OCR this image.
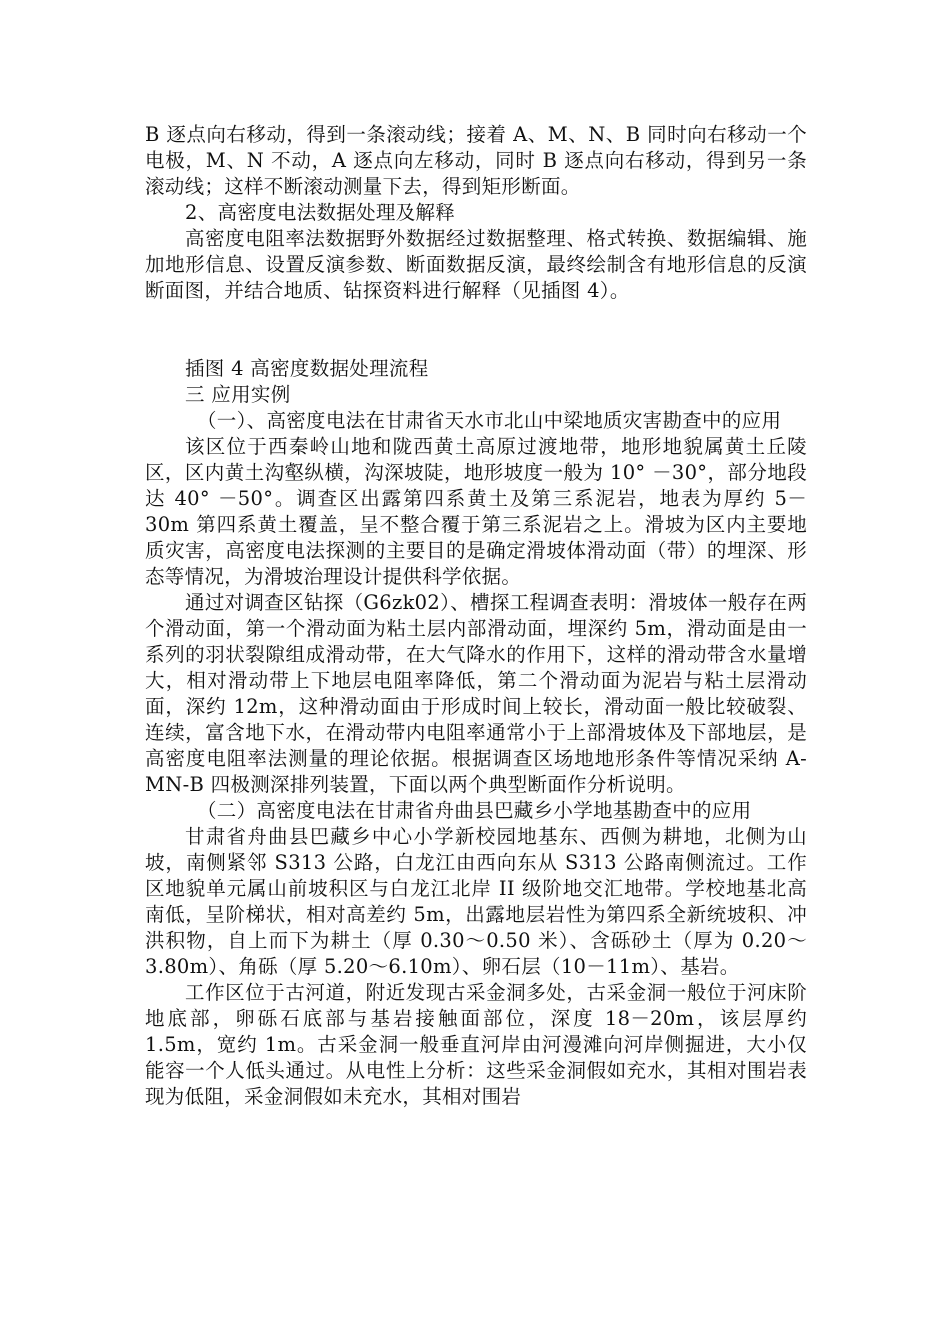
B 逐点向右移动，得到一条滚动线；接着 A、M、N、B 同时向右移动一个电极，M、N 不动，A 逐点向左移动，同时 B 逐点向右移动，得到另一条滚动线；这样不断滚动测量下去，得到矩形断面。

2、高密度电法数据处理及解释

高密度电阻率法数据野外数据经过数据整理、格式转换、数据编辑、施加地形信息、设置反演参数、断面数据反演，最终绘制含有地形信息的反演断面图，并结合地质、钻探资料进行解释（见插图 4）。

插图 4 高密度数据处理流程

三 应用实例

（一）、高密度电法在甘肃省天水市北山中梁地质灾害勘查中的应用

该区位于西秦岭山地和陇西黄土高原过渡地带，地形地貌属黄土丘陵区，区内黄土沟壑纵横，沟深坡陡，地形坡度一般为 10° －30°，部分地段达 40° －50°。调查区出露第四系黄土及第三系泥岩，地表为厚约 5－30m 第四系黄土覆盖，呈不整合覆于第三系泥岩之上。滑坡为区内主要地质灾害，高密度电法探测的主要目的是确定滑坡体滑动面（带）的埋深、形态等情况，为滑坡治理设计提供科学依据。

通过对调查区钻探（G6zk02）、槽探工程调查表明：滑坡体一般存在两个滑动面，第一个滑动面为粘土层内部滑动面，埋深约 5m，滑动面是由一系列的羽状裂隙组成滑动带，在大气降水的作用下，这样的滑动带含水量增大，相对滑动带上下地层电阻率降低，第二个滑动面为泥岩与粘土层滑动面，深约 12m，这种滑动面由于形成时间上较长，滑动面一般比较破裂、连续，富含地下水，在滑动带内电阻率通常小于上部滑坡体及下部地层，是高密度电阻率法测量的理论依据。根据调查区场地地形条件等情况采纳 A-MN-B 四极测深排列装置，下面以两个典型断面作分析说明。

（二）高密度电法在甘肃省舟曲县巴藏乡小学地基勘查中的应用

甘肃省舟曲县巴藏乡中心小学新校园地基东、西侧为耕地，北侧为山坡，南侧紧邻 S313 公路，白龙江由西向东从 S313 公路南侧流过。工作区地貌单元属山前坡积区与白龙江北岸 II 级阶地交汇地带。学校地基北高南低，呈阶梯状，相对高差约 5m，出露地层岩性为第四系全新统坡积、冲洪积物，自上而下为耕土（厚 0.30～0.50 米）、含砾砂土（厚为 0.20～3.80m）、角砾（厚 5.20～6.10m）、卵石层（10－11m）、基岩。

工作区位于古河道，附近发现古采金洞多处，古采金洞一般位于河床阶地底部，卵砾石底部与基岩接触面部位，深度 18－20m，该层厚约 1.5m，宽约 1m。古采金洞一般垂直河岸由河漫滩向河岸侧掘进，大小仅能容一个人低头通过。从电性上分析：这些采金洞假如充水，其相对围岩表现为低阻，采金洞假如未充水，其相对围岩
